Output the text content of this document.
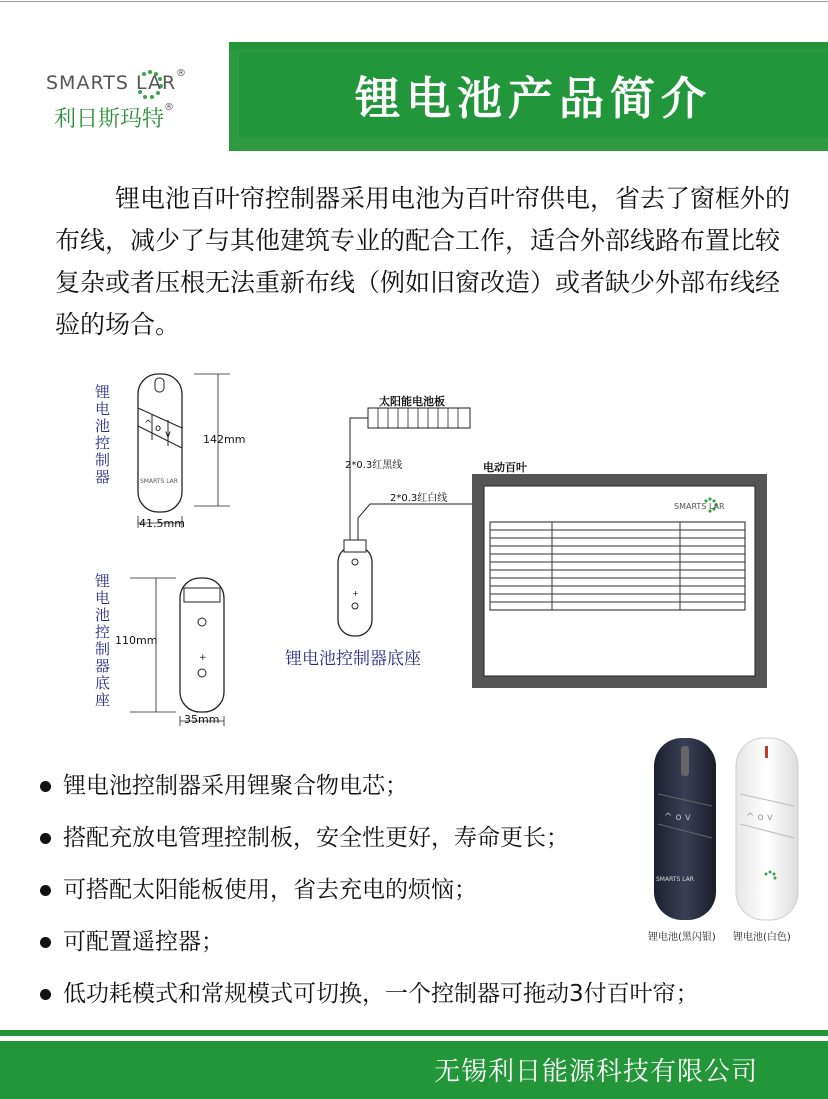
SMARTS LAR ®
利日斯玛特 ®	锂电池产品简介
锂电池百叶帘控制器采用电池为百叶帘供电，省去了窗框外的布线，减少了与其他建筑专业的配合工作，适合外部线路布置比较复杂或者压根无法重新布线（例如旧窗改造）或者缺少外部布线经验的场合。
锂电池控制器	^ o
v
SMARTS LAR
142mm
41.5mm
锂电池控制器底座	+
110mm
35mm
太阳能电池板
+
2*0.3红黑线
2*0.3红白线
锂电池控制器底座
电动百叶
SMARTS LAR
锂电池控制器采用锂聚合物电芯；
搭配充放电管理控制板，安全性更好，寿命更长；
可搭配太阳能板使用，省去充电的烦恼；
可配置遥控器；
低功耗模式和常规模式可切换，一个控制器可拖动3付百叶帘；
^ o v	^ o v
SMARTS LAR
锂电池(黑闪银) 锂电池(白色)
无锡利日能源科技有限公司
